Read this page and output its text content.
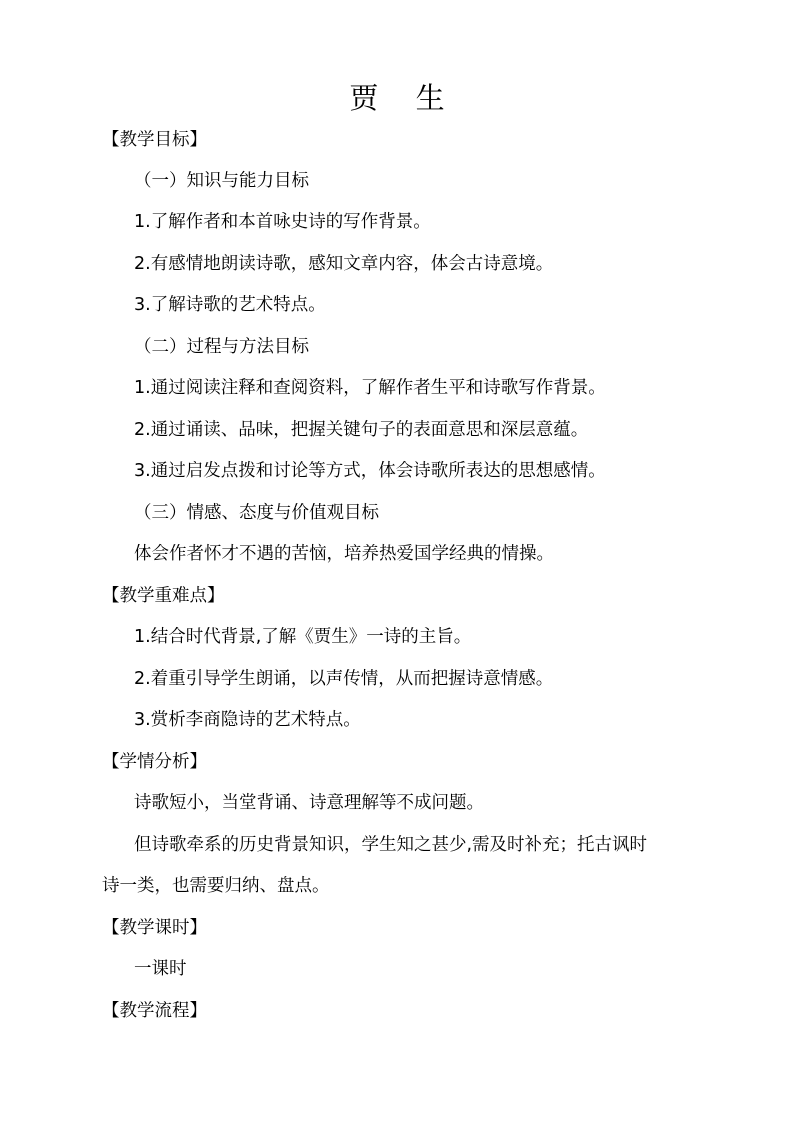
贾 生
【教学目标】
（一）知识与能力目标
1.了解作者和本首咏史诗的写作背景。
2.有感情地朗读诗歌，感知文章内容，体会古诗意境。
3.了解诗歌的艺术特点。
（二）过程与方法目标
1.通过阅读注释和查阅资料，了解作者生平和诗歌写作背景。
2.通过诵读、品味，把握关键句子的表面意思和深层意蕴。
3.通过启发点拨和讨论等方式，体会诗歌所表达的思想感情。
（三）情感、态度与价值观目标
体会作者怀才不遇的苦恼，培养热爱国学经典的情操。
【教学重难点】
1.结合时代背景,了解《贾生》一诗的主旨。
2.着重引导学生朗诵，以声传情，从而把握诗意情感。
3.赏析李商隐诗的艺术特点。
【学情分析】
诗歌短小，当堂背诵、诗意理解等不成问题。
但诗歌牵系的历史背景知识，学生知之甚少,需及时补充；托古讽时
诗一类，也需要归纳、盘点。
【教学课时】
一课时
【教学流程】
